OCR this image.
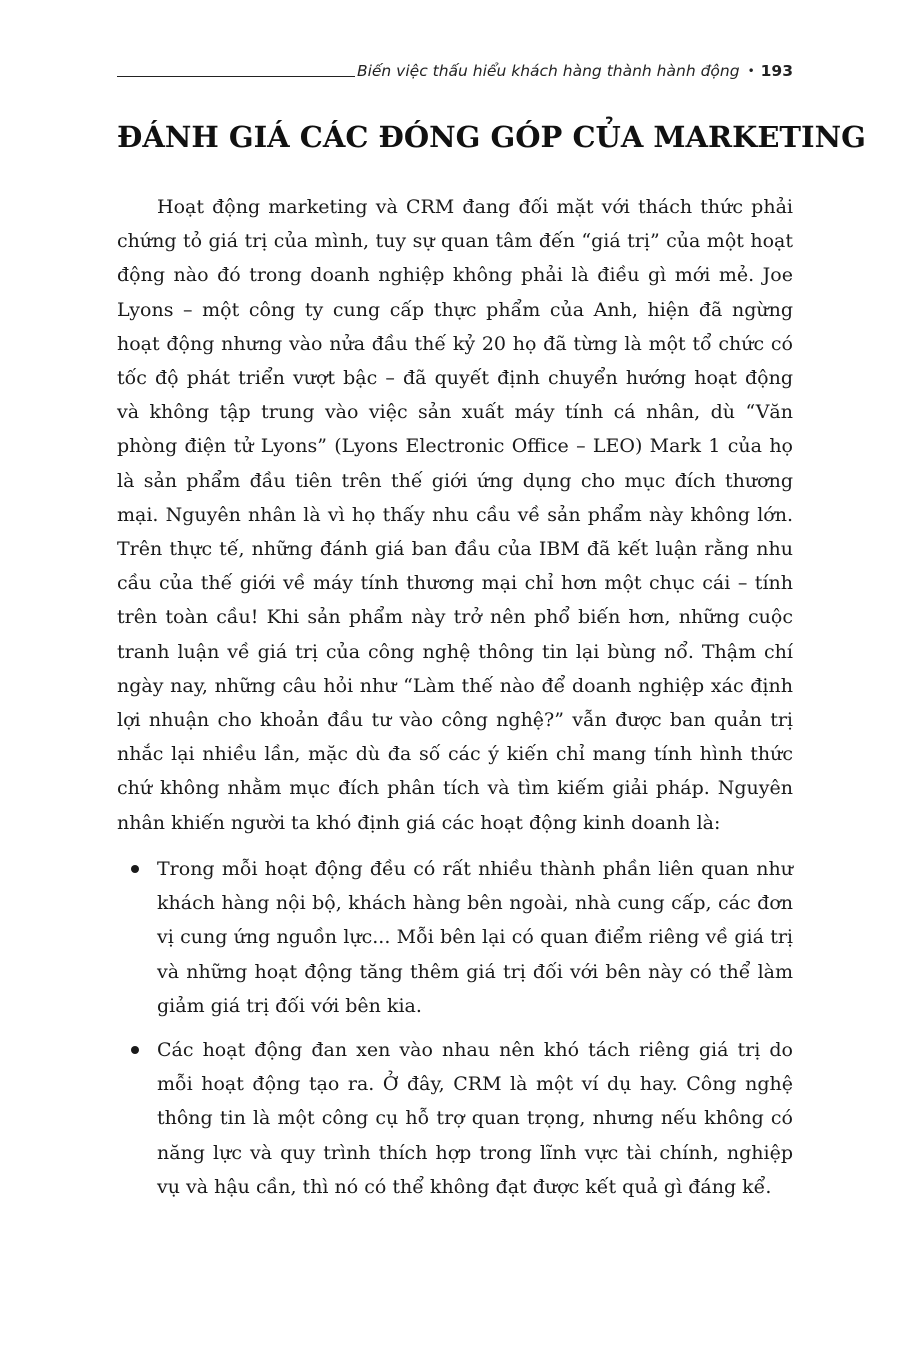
Biến việc thấu hiểu khách hàng thành hành động • 193
ĐÁNH GIÁ CÁC ĐÓNG GÓP CỦA MARKETING

Hoạt động marketing và CRM đang đối mặt với thách thức phải chứng tỏ giá trị của mình, tuy sự quan tâm đến “giá trị” của một hoạt động nào đó trong doanh nghiệp không phải là điều gì mới mẻ. Joe Lyons – một công ty cung cấp thực phẩm của Anh, hiện đã ngừng hoạt động nhưng vào nửa đầu thế kỷ 20 họ đã từng là một tổ chức có tốc độ phát triển vượt bậc – đã quyết định chuyển hướng hoạt động và không tập trung vào việc sản xuất máy tính cá nhân, dù “Văn phòng điện tử Lyons” (Lyons Electronic Office – LEO) Mark 1 của họ là sản phẩm đầu tiên trên thế giới ứng dụng cho mục đích thương mại. Nguyên nhân là vì họ thấy nhu cầu về sản phẩm này không lớn. Trên thực tế, những đánh giá ban đầu của IBM đã kết luận rằng nhu cầu của thế giới về máy tính thương mại chỉ hơn một chục cái – tính trên toàn cầu! Khi sản phẩm này trở nên phổ biến hơn, những cuộc tranh luận về giá trị của công nghệ thông tin lại bùng nổ. Thậm chí ngày nay, những câu hỏi như “Làm thế nào để doanh nghiệp xác định lợi nhuận cho khoản đầu tư vào công nghệ?” vẫn được ban quản trị nhắc lại nhiều lần, mặc dù đa số các ý kiến chỉ mang tính hình thức chứ không nhằm mục đích phân tích và tìm kiếm giải pháp. Nguyên nhân khiến người ta khó định giá các hoạt động kinh doanh là:

Trong mỗi hoạt động đều có rất nhiều thành phần liên quan như khách hàng nội bộ, khách hàng bên ngoài, nhà cung cấp, các đơn vị cung ứng nguồn lực... Mỗi bên lại có quan điểm riêng về giá trị và những hoạt động tăng thêm giá trị đối với bên này có thể làm giảm giá trị đối với bên kia.
Các hoạt động đan xen vào nhau nên khó tách riêng giá trị do mỗi hoạt động tạo ra. Ở đây, CRM là một ví dụ hay. Công nghệ thông tin là một công cụ hỗ trợ quan trọng, nhưng nếu không có năng lực và quy trình thích hợp trong lĩnh vực tài chính, nghiệp vụ và hậu cần, thì nó có thể không đạt được kết quả gì đáng kể.
